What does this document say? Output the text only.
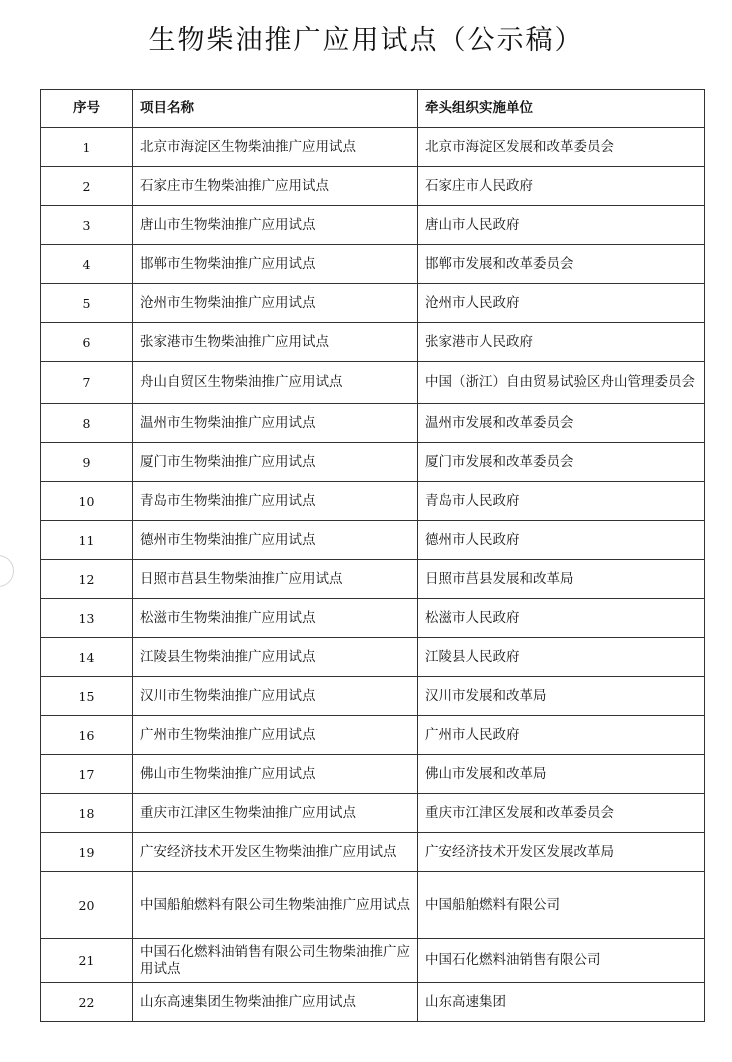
生物柴油推广应用试点（公示稿）
序号	项目名称	牵头组织实施单位
1	北京市海淀区生物柴油推广应用试点	北京市海淀区发展和改革委员会
2	石家庄市生物柴油推广应用试点	石家庄市人民政府
3	唐山市生物柴油推广应用试点	唐山市人民政府
4	邯郸市生物柴油推广应用试点	邯郸市发展和改革委员会
5	沧州市生物柴油推广应用试点	沧州市人民政府
6	张家港市生物柴油推广应用试点	张家港市人民政府
7	舟山自贸区生物柴油推广应用试点	中国（浙江）自由贸易试验区舟山管理委员会
8	温州市生物柴油推广应用试点	温州市发展和改革委员会
9	厦门市生物柴油推广应用试点	厦门市发展和改革委员会
10	青岛市生物柴油推广应用试点	青岛市人民政府
11	德州市生物柴油推广应用试点	德州市人民政府
12	日照市莒县生物柴油推广应用试点	日照市莒县发展和改革局
13	松滋市生物柴油推广应用试点	松滋市人民政府
14	江陵县生物柴油推广应用试点	江陵县人民政府
15	汉川市生物柴油推广应用试点	汉川市发展和改革局
16	广州市生物柴油推广应用试点	广州市人民政府
17	佛山市生物柴油推广应用试点	佛山市发展和改革局
18	重庆市江津区生物柴油推广应用试点	重庆市江津区发展和改革委员会
19	广安经济技术开发区生物柴油推广应用试点	广安经济技术开发区发展改革局
20	中国船舶燃料有限公司生物柴油推广应用试点	中国船舶燃料有限公司
21	中国石化燃料油销售有限公司生物柴油推广应用试点	中国石化燃料油销售有限公司
22	山东高速集团生物柴油推广应用试点	山东高速集团
